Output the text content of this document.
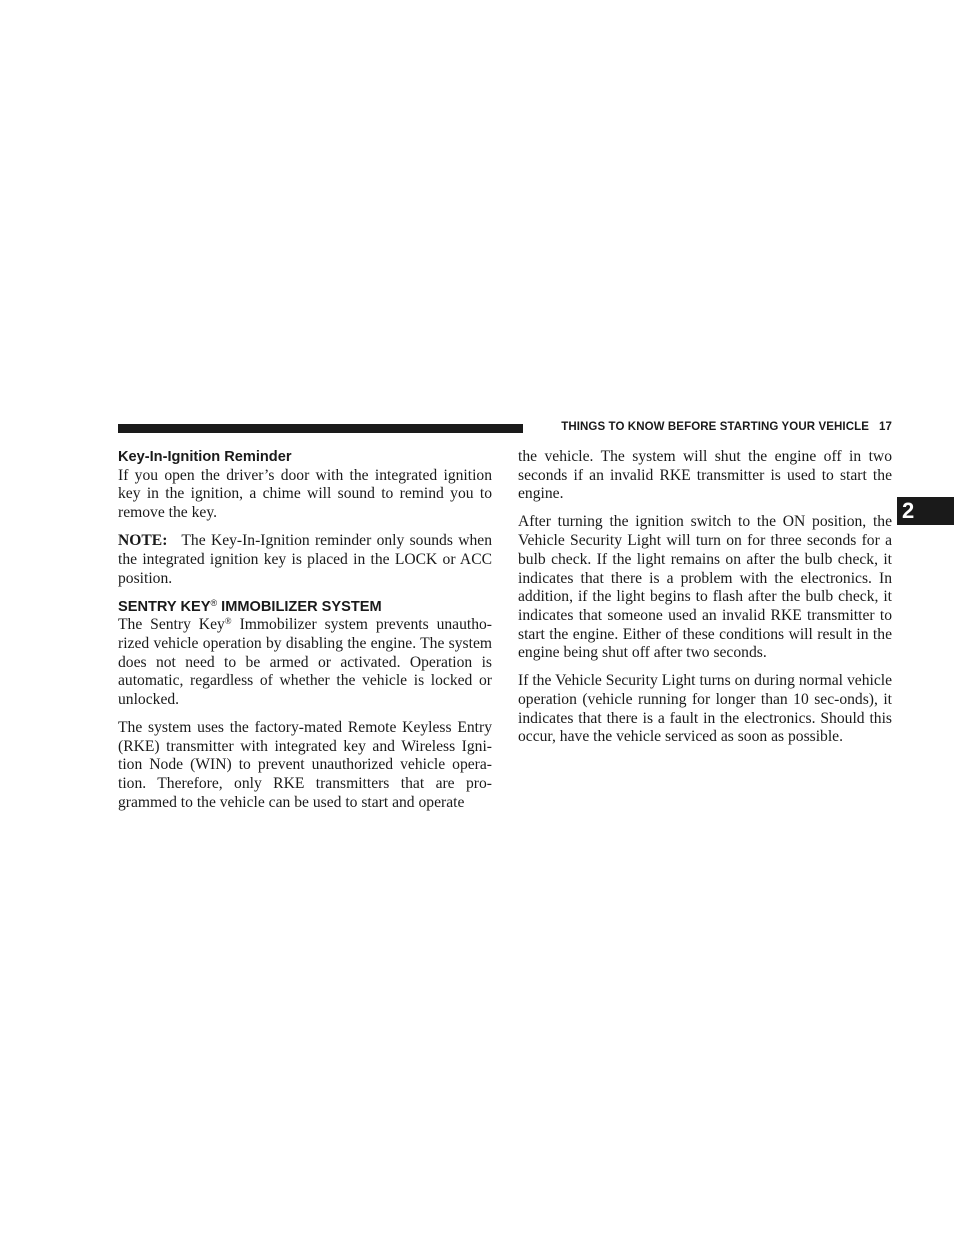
THINGS TO KNOW BEFORE STARTING YOUR VEHICLE 17
2
Key-In-Ignition Reminder

If you open the driver’s door with the integrated ignition key in the ignition, a chime will sound to remind you to remove the key.

NOTE: The Key-In-Ignition reminder only sounds when the integrated ignition key is placed in the LOCK or ACC position.

SENTRY KEY® IMMOBILIZER SYSTEM

The Sentry Key® Immobilizer system prevents unautho-rized vehicle operation by disabling the engine. The system does not need to be armed or activated. Operation is automatic, regardless of whether the vehicle is locked or unlocked.

The system uses the factory-mated Remote Keyless Entry (RKE) transmitter with integrated key and Wireless Igni-tion Node (WIN) to prevent unauthorized vehicle opera-tion. Therefore, only RKE transmitters that are pro-grammed to the vehicle can be used to start and operate

the vehicle. The system will shut the engine off in two seconds if an invalid RKE transmitter is used to start the engine.

After turning the ignition switch to the ON position, the Vehicle Security Light will turn on for three seconds for a bulb check. If the light remains on after the bulb check, it indicates that there is a problem with the electronics. In addition, if the light begins to flash after the bulb check, it indicates that someone used an invalid RKE transmitter to start the engine. Either of these conditions will result in the engine being shut off after two seconds.

If the Vehicle Security Light turns on during normal vehicle operation (vehicle running for longer than 10 sec-onds), it indicates that there is a fault in the electronics. Should this occur, have the vehicle serviced as soon as possible.
